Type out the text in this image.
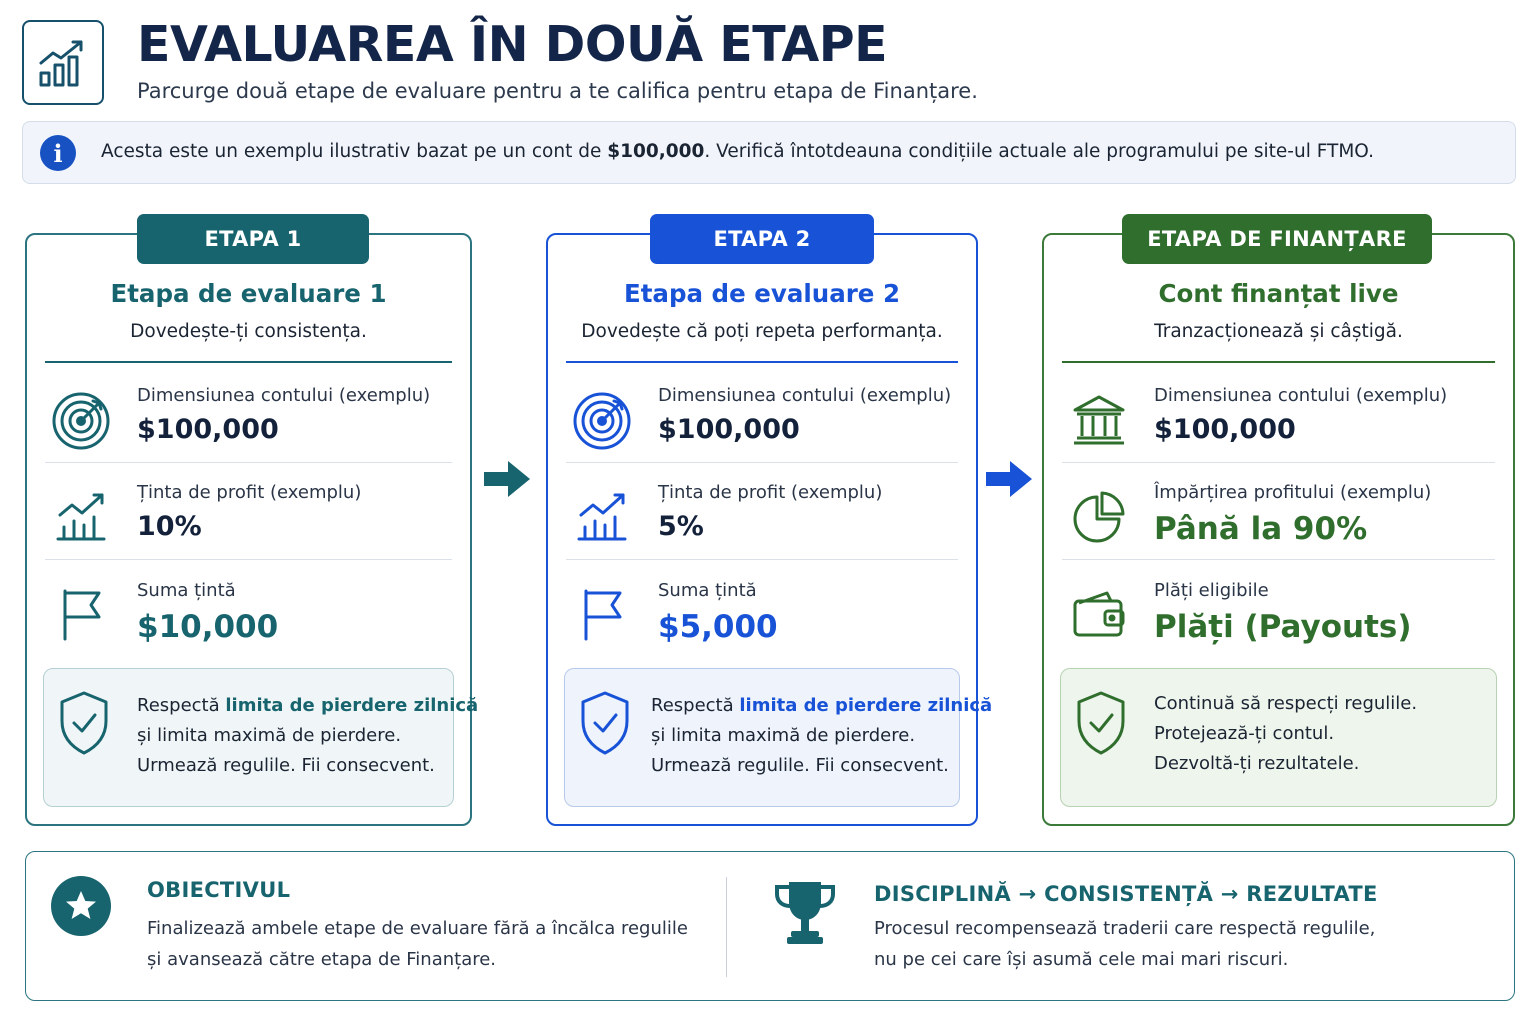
EVALUAREA ÎN DOUĂ ETAPE
Parcurge două etape de evaluare pentru a te califica pentru etapa de Finanțare.
i	Acesta este un exemplu ilustrativ bazat pe un cont de $100,000. Verifică întotdeauna condițiile actuale ale programului pe site-ul FTMO.
ETAPA 1
Etapa de evaluare 1
Dovedește-ți consistența.
Dimensiunea contului (exemplu)
$100,000
Ținta de profit (exemplu)
10%
Suma țintă
$10,000
Respectă limita de pierdere zilnică
și limita maximă de pierdere.
Urmează regulile. Fii consecvent.
ETAPA 2
Etapa de evaluare 2
Dovedește că poți repeta performanța.
Dimensiunea contului (exemplu)
$100,000
Ținta de profit (exemplu)
5%
Suma țintă
$5,000
Respectă limita de pierdere zilnică
și limita maximă de pierdere.
Urmează regulile. Fii consecvent.
ETAPA DE FINANȚARE
Cont finanțat live
Tranzacționează și câștigă.
Dimensiunea contului (exemplu)
$100,000
Împărțirea profitului (exemplu)
Până la 90%
Plăți eligibile
Plăți (Payouts)
Continuă să respecți regulile.
Protejează-ți contul.
Dezvoltă-ți rezultatele.
OBIECTIVUL
Finalizează ambele etape de evaluare fără a încălca regulile
și avansează către etapa de Finanțare.
DISCIPLINĂ → CONSISTENȚĂ → REZULTATE
Procesul recompensează traderii care respectă regulile,
nu pe cei care își asumă cele mai mari riscuri.
